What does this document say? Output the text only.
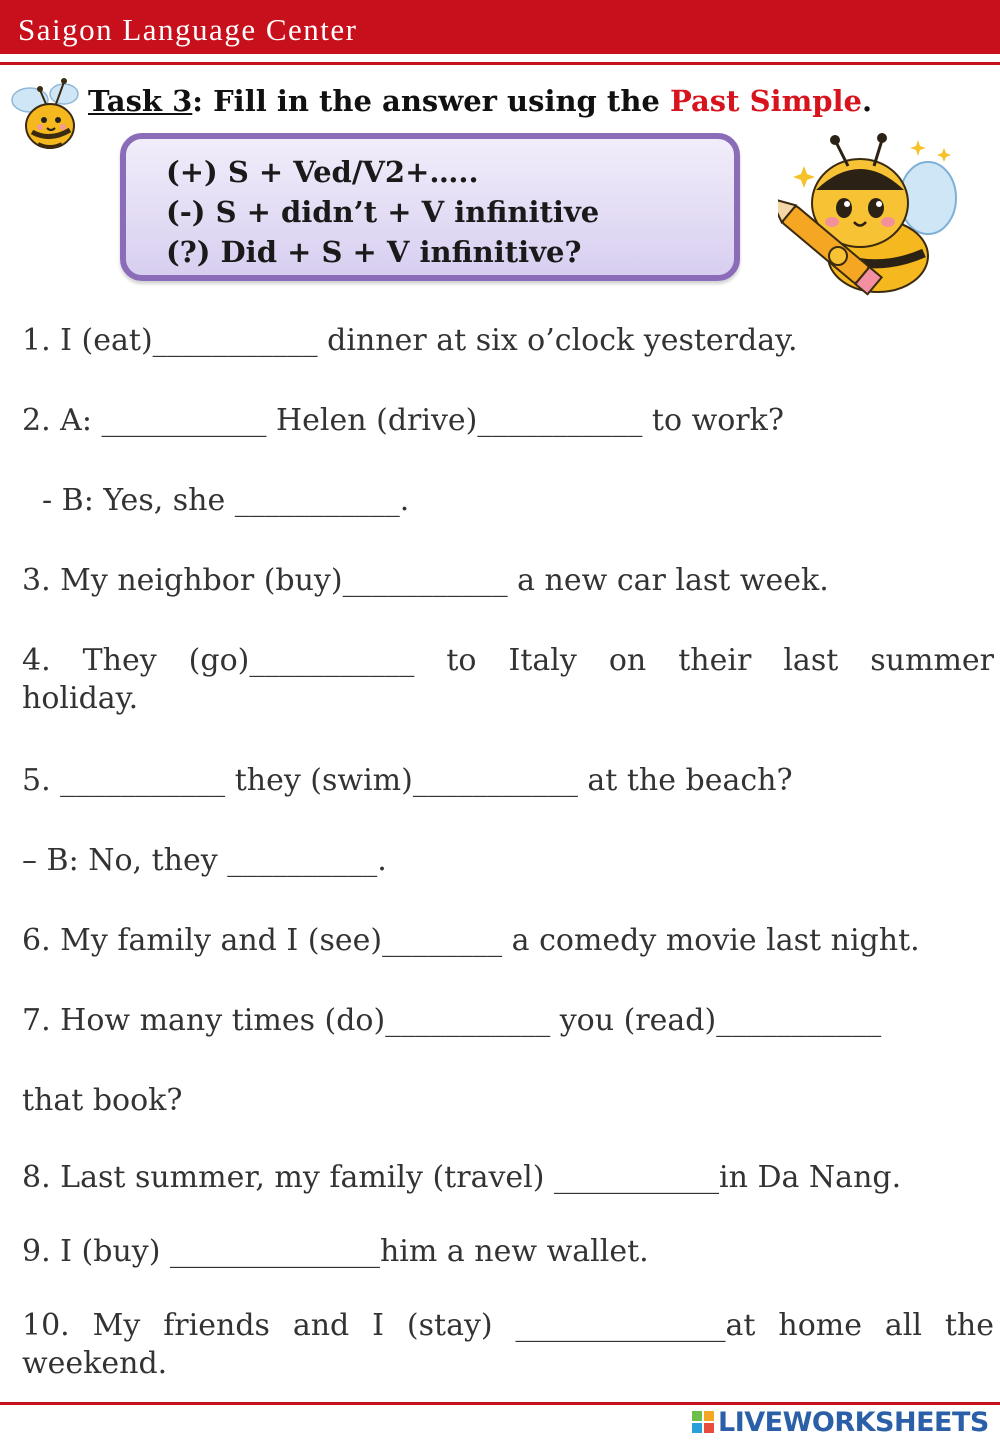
Saigon Language Center
Task 3: Fill in the answer using the Past Simple.
(+) S + Ved/V2+…..
(-) S + didn’t + V infinitive
(?) Did + S + V infinitive?
1. I (eat)___________ dinner at six o’clock yesterday.
2. A: ___________ Helen (drive)___________ to work?
- B: Yes, she ___________.
3. My neighbor (buy)___________ a new car last week.
4. They (go)___________ to Italy on their last summer
holiday.
5. ___________ they (swim)___________ at the beach?
– B: No, they __________.
6. My family and I (see)________ a comedy movie last night.
7. How many times (do)___________ you (read)___________
that book?
8. Last summer, my family (travel) ___________in Da Nang.
9. I (buy) ______________him a new wallet.
10. My friends and I (stay) ______________at home all the
weekend.
LIVEWORKSHEETS
